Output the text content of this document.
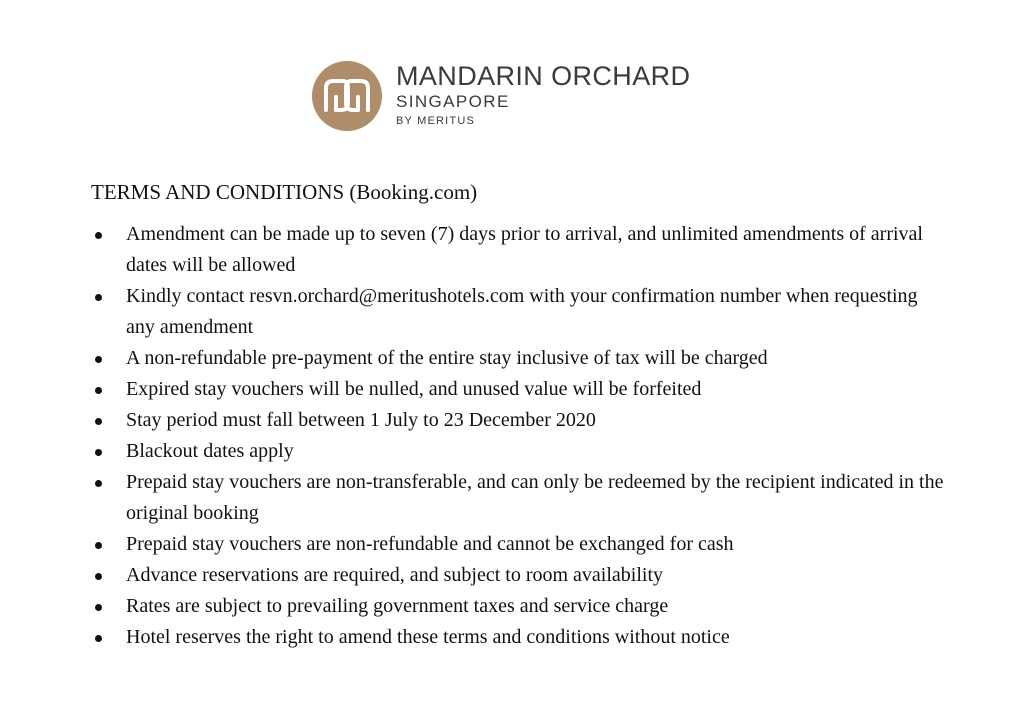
MANDARIN ORCHARD
SINGAPORE
BY MERITUS
TERMS AND CONDITIONS (Booking.com)
Amendment can be made up to seven (7) days prior to arrival, and unlimited amendments of arrival dates will be allowed
Kindly contact resvn.orchard@meritushotels.com with your confirmation number when requesting any amendment
A non-refundable pre-payment of the entire stay inclusive of tax will be charged
Expired stay vouchers will be nulled, and unused value will be forfeited
Stay period must fall between 1 July to 23 December 2020
Blackout dates apply
Prepaid stay vouchers are non-transferable, and can only be redeemed by the recipient indicated in the original booking
Prepaid stay vouchers are non-refundable and cannot be exchanged for cash
Advance reservations are required, and subject to room availability
Rates are subject to prevailing government taxes and service charge
Hotel reserves the right to amend these terms and conditions without notice
